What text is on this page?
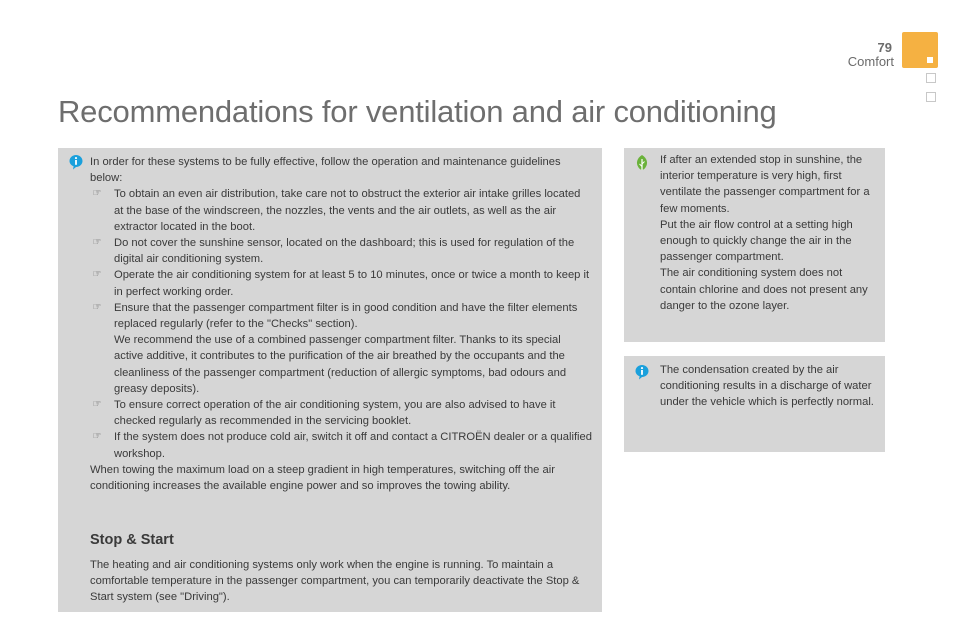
79
Comfort
Recommendations for ventilation and air conditioning

In order for these systems to be fully effective, follow the operation and maintenance guidelines below:

☞ To obtain an even air distribution, take care not to obstruct the exterior air intake grilles located at the base of the windscreen, the nozzles, the vents and the air outlets, as well as the air extractor located in the boot.
☞ Do not cover the sunshine sensor, located on the dashboard; this is used for regulation of the digital air conditioning system.
☞ Operate the air conditioning system for at least 5 to 10 minutes, once or twice a month to keep it in perfect working order.
☞ Ensure that the passenger compartment filter is in good condition and have the filter elements replaced regularly (refer to the "Checks" section).

We recommend the use of a combined passenger compartment filter. Thanks to its special active additive, it contributes to the purification of the air breathed by the occupants and the cleanliness of the passenger compartment (reduction of allergic symptoms, bad odours and greasy deposits).

☞ To ensure correct operation of the air conditioning system, you are also advised to have it checked regularly as recommended in the servicing booklet.
☞ If the system does not produce cold air, switch it off and contact a CITROËN dealer or a qualified workshop.

When towing the maximum load on a steep gradient in high temperatures, switching off the air conditioning increases the available engine power and so improves the towing ability.

Stop & Start

The heating and air conditioning systems only work when the engine is running. To maintain a comfortable temperature in the passenger compartment, you can temporarily deactivate the Stop & Start system (see "Driving").

If after an extended stop in sunshine, the interior temperature is very high, first ventilate the passenger compartment for a few moments.

Put the air flow control at a setting high enough to quickly change the air in the passenger compartment.

The air conditioning system does not contain chlorine and does not present any danger to the ozone layer.

The condensation created by the air conditioning results in a discharge of water under the vehicle which is perfectly normal.
